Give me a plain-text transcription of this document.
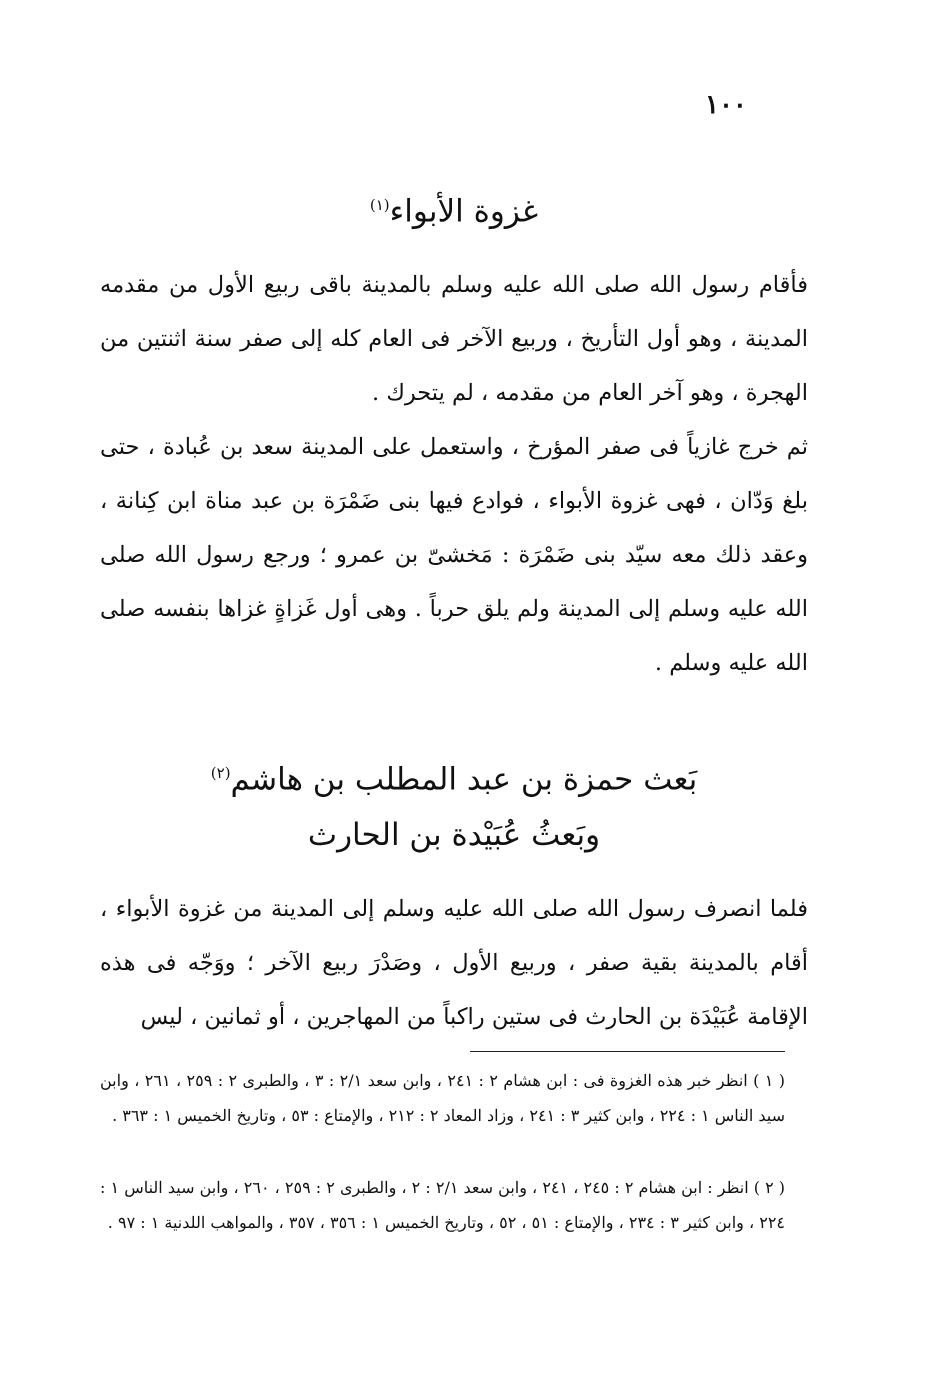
١٠٠
غزوة الأبواء$^{(١)}$

فأقام رسول الله صلى الله عليه وسلم بالمدينة باقى ربيع الأول من مقدمه المدينة ، وهو أول التأريخ ، وربيع الآخر فى العام كله إلى صفر سنة اثنتين من الهجرة ، وهو آخر العام من مقدمه ، لم يتحرك .

ثم خرج غازياً فى صفر المؤرخ ، واستعمل على المدينة سعد بن عُبادة ، حتى بلغ وَدّان ، فهى غزوة الأبواء ، فوادع فيها بنى ضَمْرَة بن عبد مناة ابن كِنانة ، وعقد ذلك معه سيّد بنى ضَمْرَة : مَخشىّ بن عمرو ؛ ورجع رسول الله صلى الله عليه وسلم إلى المدينة ولم يلق حرباً . وهى أول غَزاةٍ غزاها بنفسه صلى الله عليه وسلم .

بَعث حمزة بن عبد المطلب بن هاشم$^{(٢)}$
وبَعثُ عُبَيْدة بن الحارث

فلما انصرف رسول الله صلى الله عليه وسلم إلى المدينة من غزوة الأبواء ، أقام بالمدينة بقية صفر ، وربيع الأول ، وصَدْرَ ربيع الآخر ؛ ووَجّه فى هذه الإقامة عُبَيْدَة بن الحارث فى ستين راكباً من المهاجرين ، أو ثمانين ، ليس

( ١ ) انظر خبر هذه الغزوة فى : ابن هشام ٢ : ٢٤١ ، وابن سعد ٢/١ : ٣ ، والطبرى ٢ : ٢٥٩ ، ٢٦١ ، وابن سيد الناس ١ : ٢٢٤ ، وابن كثير ٣ : ٢٤١ ، وزاد المعاد ٢ : ٢١٢ ، والإمتاع : ٥٣ ، وتاريخ الخميس ١ : ٣٦٣ .

( ٢ ) انظر : ابن هشام ٢ : ٢٤٥ ، ٢٤١ ، وابن سعد ٢/١ : ٢ ، والطبرى ٢ : ٢٥٩ ، ٢٦٠ ، وابن سيد الناس ١ : ٢٢٤ ، وابن كثير ٣ : ٢٣٤ ، والإمتاع : ٥١ ، ٥٢ ، وتاريخ الخميس ١ : ٣٥٦ ، ٣٥٧ ، والمواهب اللدنية ١ : ٩٧ .
